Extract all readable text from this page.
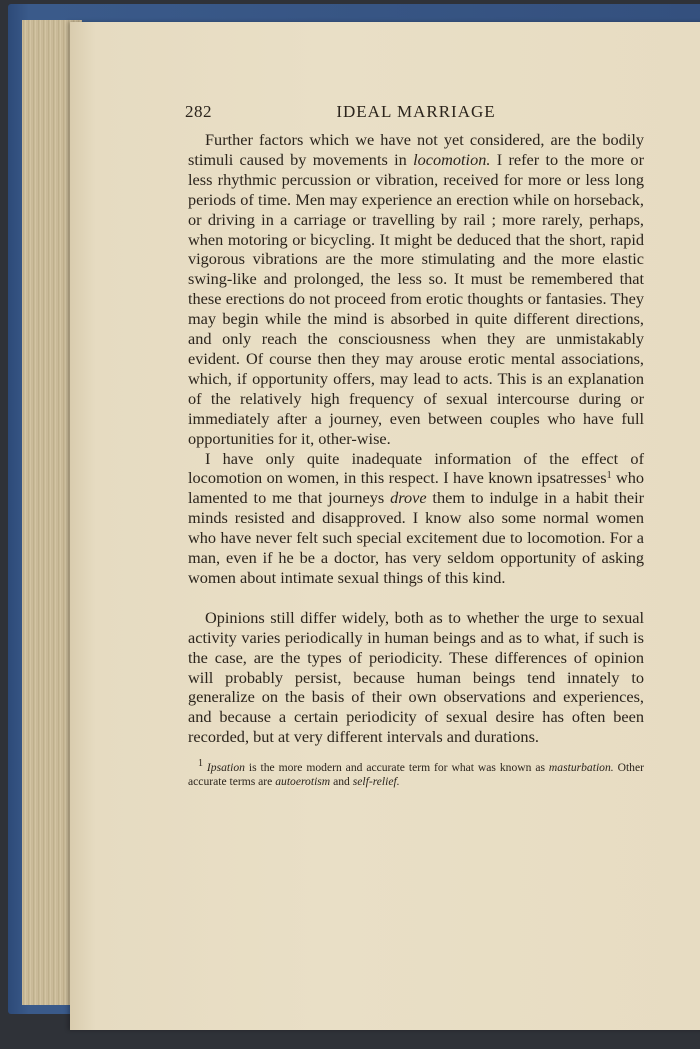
282	IDEAL MARRIAGE

Further factors which we have not yet considered, are the bodily stimuli caused by movements in locomotion. I refer to the more or less rhythmic percussion or vibration, received for more or less long periods of time. Men may experience an erection while on horseback, or driving in a carriage or travelling by rail ; more rarely, perhaps, when motoring or bicycling. It might be deduced that the short, rapid vigorous vibrations are the more stimulating and the more elastic swing-like and prolonged, the less so. It must be remembered that these erections do not proceed from erotic thoughts or fantasies. They may begin while the mind is absorbed in quite different directions, and only reach the consciousness when they are unmistakably evident. Of course then they may arouse erotic mental associations, which, if opportunity offers, may lead to acts. This is an explanation of the relatively high frequency of sexual intercourse during or immediately after a journey, even between couples who have full opportunities for it, other-wise.

I have only quite inadequate information of the effect of locomotion on women, in this respect. I have known ipsatresses$^1$ who lamented to me that journeys drove them to indulge in a habit their minds resisted and disapproved. I know also some normal women who have never felt such special excitement due to locomotion. For a man, even if he be a doctor, has very seldom opportunity of asking women about intimate sexual things of this kind.

Opinions still differ widely, both as to whether the urge to sexual activity varies periodically in human beings and as to what, if such is the case, are the types of periodicity. These differences of opinion will probably persist, because human beings tend innately to generalize on the basis of their own observations and experiences, and because a certain periodicity of sexual desire has often been recorded, but at very different intervals and durations.

$^1$ Ipsation is the more modern and accurate term for what was known as masturbation. Other accurate terms are autoerotism and self-relief.
